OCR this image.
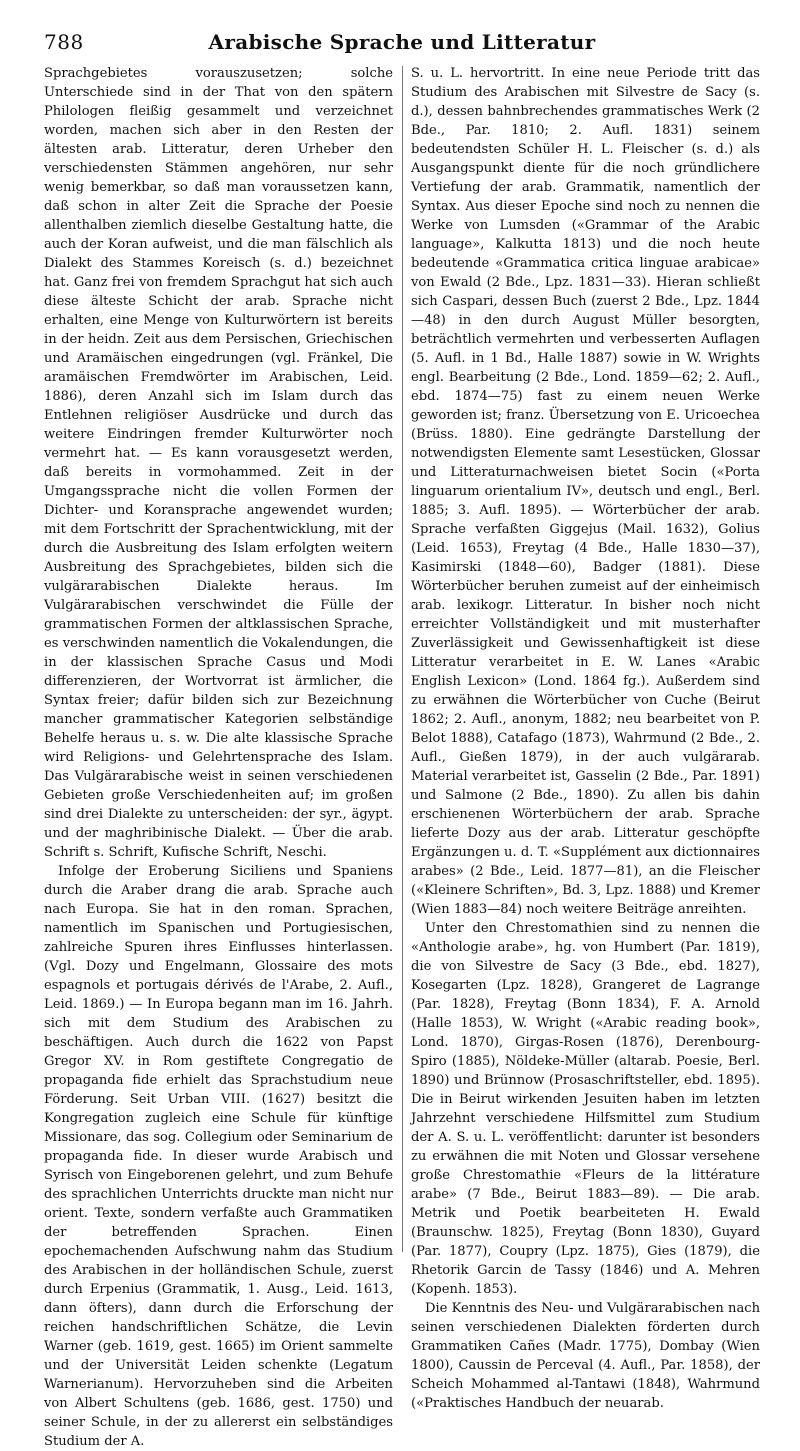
788	Arabische Sprache und Litteratur

Sprachgebietes vorauszusetzen; solche Unterschiede sind in der That von den spätern Philologen fleißig gesammelt und verzeichnet worden, machen sich aber in den Resten der ältesten arab. Litteratur, deren Urheber den verschiedensten Stämmen angehören, nur sehr wenig bemerkbar, so daß man voraussetzen kann, daß schon in alter Zeit die Sprache der Poesie allenthalben ziemlich dieselbe Gestaltung hatte, die auch der Koran aufweist, und die man fälschlich als Dialekt des Stammes Koreisch (s. d.) bezeichnet hat. Ganz frei von fremdem Sprachgut hat sich auch diese älteste Schicht der arab. Sprache nicht erhalten, eine Menge von Kulturwörtern ist bereits in der heidn. Zeit aus dem Persischen, Griechischen und Aramäischen eingedrungen (vgl. Fränkel, Die aramäischen Fremdwörter im Arabischen, Leid. 1886), deren Anzahl sich im Islam durch das Entlehnen religiöser Ausdrücke und durch das weitere Eindringen fremder Kulturwörter noch vermehrt hat. — Es kann vorausgesetzt werden, daß bereits in vormohammed. Zeit in der Umgangssprache nicht die vollen Formen der Dichter- und Koransprache angewendet wurden; mit dem Fortschritt der Sprachentwicklung, mit der durch die Ausbreitung des Islam erfolgten weitern Ausbreitung des Sprachgebietes, bilden sich die vulgärarabischen Dialekte heraus. Im Vulgärarabischen verschwindet die Fülle der grammatischen Formen der altklassischen Sprache, es verschwinden namentlich die Vokalendungen, die in der klassischen Sprache Casus und Modi differenzieren, der Wortvorrat ist ärmlicher, die Syntax freier; dafür bilden sich zur Bezeichnung mancher grammatischer Kategorien selbständige Behelfe heraus u. s. w. Die alte klassische Sprache wird Religions- und Gelehrtensprache des Islam. Das Vulgärarabische weist in seinen verschiedenen Gebieten große Verschiedenheiten auf; im großen sind drei Dialekte zu unterscheiden: der syr., ägypt. und der maghribinische Dialekt. — Über die arab. Schrift s. Schrift, Kufische Schrift, Neschi.

Infolge der Eroberung Siciliens und Spaniens durch die Araber drang die arab. Sprache auch nach Europa. Sie hat in den roman. Sprachen, namentlich im Spanischen und Portugiesischen, zahlreiche Spuren ihres Einflusses hinterlassen. (Vgl. Dozy und Engelmann, Glossaire des mots espagnols et portugais dérivés de l'Arabe, 2. Aufl., Leid. 1869.) — In Europa begann man im 16. Jahrh. sich mit dem Studium des Arabischen zu beschäftigen. Auch durch die 1622 von Papst Gregor XV. in Rom gestiftete Congregatio de propaganda fide erhielt das Sprachstudium neue Förderung. Seit Urban VIII. (1627) besitzt die Kongregation zugleich eine Schule für künftige Missionare, das sog. Collegium oder Seminarium de propaganda fide. In dieser wurde Arabisch und Syrisch von Eingeborenen gelehrt, und zum Behufe des sprachlichen Unterrichts druckte man nicht nur orient. Texte, sondern verfaßte auch Grammatiken der betreffenden Sprachen. Einen epochemachenden Aufschwung nahm das Studium des Arabischen in der holländischen Schule, zuerst durch Erpenius (Grammatik, 1. Ausg., Leid. 1613, dann öfters), dann durch die Erforschung der reichen handschriftlichen Schätze, die Levin Warner (geb. 1619, gest. 1665) im Orient sammelte und der Universität Leiden schenkte (Legatum Warnerianum). Hervorzuheben sind die Arbeiten von Albert Schultens (geb. 1686, gest. 1750) und seiner Schule, in der zu allererst ein selbständiges Studium der A.

S. u. L. hervortritt. In eine neue Periode tritt das Studium des Arabischen mit Silvestre de Sacy (s. d.), dessen bahnbrechendes grammatisches Werk (2 Bde., Par. 1810; 2. Aufl. 1831) seinem bedeutendsten Schüler H. L. Fleischer (s. d.) als Ausgangspunkt diente für die noch gründlichere Vertiefung der arab. Grammatik, namentlich der Syntax. Aus dieser Epoche sind noch zu nennen die Werke von Lumsden («Grammar of the Arabic language», Kalkutta 1813) und die noch heute bedeutende «Grammatica critica linguae arabicae» von Ewald (2 Bde., Lpz. 1831—33). Hieran schließt sich Caspari, dessen Buch (zuerst 2 Bde., Lpz. 1844—48) in den durch August Müller besorgten, beträchtlich vermehrten und verbesserten Auflagen (5. Aufl. in 1 Bd., Halle 1887) sowie in W. Wrights engl. Bearbeitung (2 Bde., Lond. 1859—62; 2. Aufl., ebd. 1874—75) fast zu einem neuen Werke geworden ist; franz. Übersetzung von E. Uricoechea (Brüss. 1880). Eine gedrängte Darstellung der notwendigsten Elemente samt Lesestücken, Glossar und Litteraturnachweisen bietet Socin («Porta linguarum orientalium IV», deutsch und engl., Berl. 1885; 3. Aufl. 1895). — Wörterbücher der arab. Sprache verfaßten Giggejus (Mail. 1632), Golius (Leid. 1653), Freytag (4 Bde., Halle 1830—37), Kasimirski (1848—60), Badger (1881). Diese Wörterbücher beruhen zumeist auf der einheimisch arab. lexikogr. Litteratur. In bisher noch nicht erreichter Vollständigkeit und mit musterhafter Zuverlässigkeit und Gewissenhaftigkeit ist diese Litteratur verarbeitet in E. W. Lanes «Arabic English Lexicon» (Lond. 1864 fg.). Außerdem sind zu erwähnen die Wörterbücher von Cuche (Beirut 1862; 2. Aufl., anonym, 1882; neu bearbeitet von P. Belot 1888), Catafago (1873), Wahrmund (2 Bde., 2. Aufl., Gießen 1879), in der auch vulgärarab. Material verarbeitet ist, Gasselin (2 Bde., Par. 1891) und Salmone (2 Bde., 1890). Zu allen bis dahin erschienenen Wörterbüchern der arab. Sprache lieferte Dozy aus der arab. Litteratur geschöpfte Ergänzungen u. d. T. «Supplément aux dictionnaires arabes» (2 Bde., Leid. 1877—81), an die Fleischer («Kleinere Schriften», Bd. 3, Lpz. 1888) und Kremer (Wien 1883—84) noch weitere Beiträge anreihten.

Unter den Chrestomathien sind zu nennen die «Anthologie arabe», hg. von Humbert (Par. 1819), die von Silvestre de Sacy (3 Bde., ebd. 1827), Kosegarten (Lpz. 1828), Grangeret de Lagrange (Par. 1828), Freytag (Bonn 1834), F. A. Arnold (Halle 1853), W. Wright («Arabic reading book», Lond. 1870), Girgas-Rosen (1876), Derenbourg-Spiro (1885), Nöldeke-Müller (altarab. Poesie, Berl. 1890) und Brünnow (Prosaschriftsteller, ebd. 1895). Die in Beirut wirkenden Jesuiten haben im letzten Jahrzehnt verschiedene Hilfsmittel zum Studium der A. S. u. L. veröffentlicht: darunter ist besonders zu erwähnen die mit Noten und Glossar versehene große Chrestomathie «Fleurs de la littérature arabe» (7 Bde., Beirut 1883—89). — Die arab. Metrik und Poetik bearbeiteten H. Ewald (Braunschw. 1825), Freytag (Bonn 1830), Guyard (Par. 1877), Coupry (Lpz. 1875), Gies (1879), die Rhetorik Garcin de Tassy (1846) und A. Mehren (Kopenh. 1853).

Die Kenntnis des Neu- und Vulgärarabischen nach seinen verschiedenen Dialekten förderten durch Grammatiken Cañes (Madr. 1775), Dombay (Wien 1800), Caussin de Perceval (4. Aufl., Par. 1858), der Scheich Mohammed al-Tantawi (1848), Wahrmund («Praktisches Handbuch der neuarab.
